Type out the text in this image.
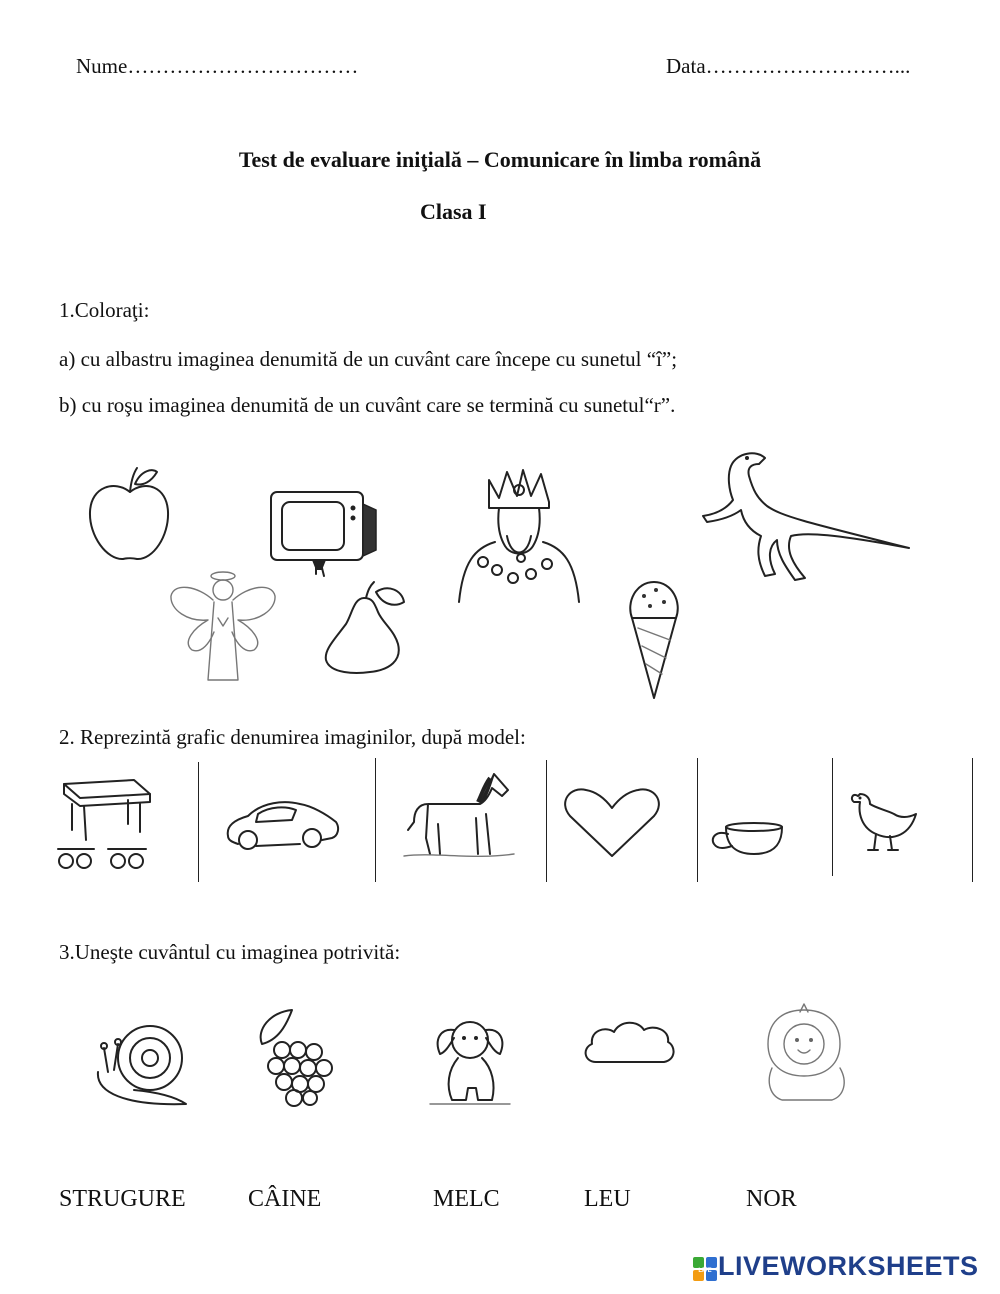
Nume……………………………	Data………………………...
Test de evaluare iniţială – Comunicare în limba română
Clasa I
1.Coloraţi:
a) cu albastru imaginea denumită de un cuvânt care începe cu sunetul “î”;
b) cu roşu imaginea denumită de un cuvânt care se termină cu sunetul“r”.
2. Reprezintă grafic denumirea imaginilor, după model:
3.Uneşte cuvântul cu imaginea potrivită:
STRUGURE	CÂINE	MELC	LEU	NOR
LIVE LIVEWORKSHEETS
